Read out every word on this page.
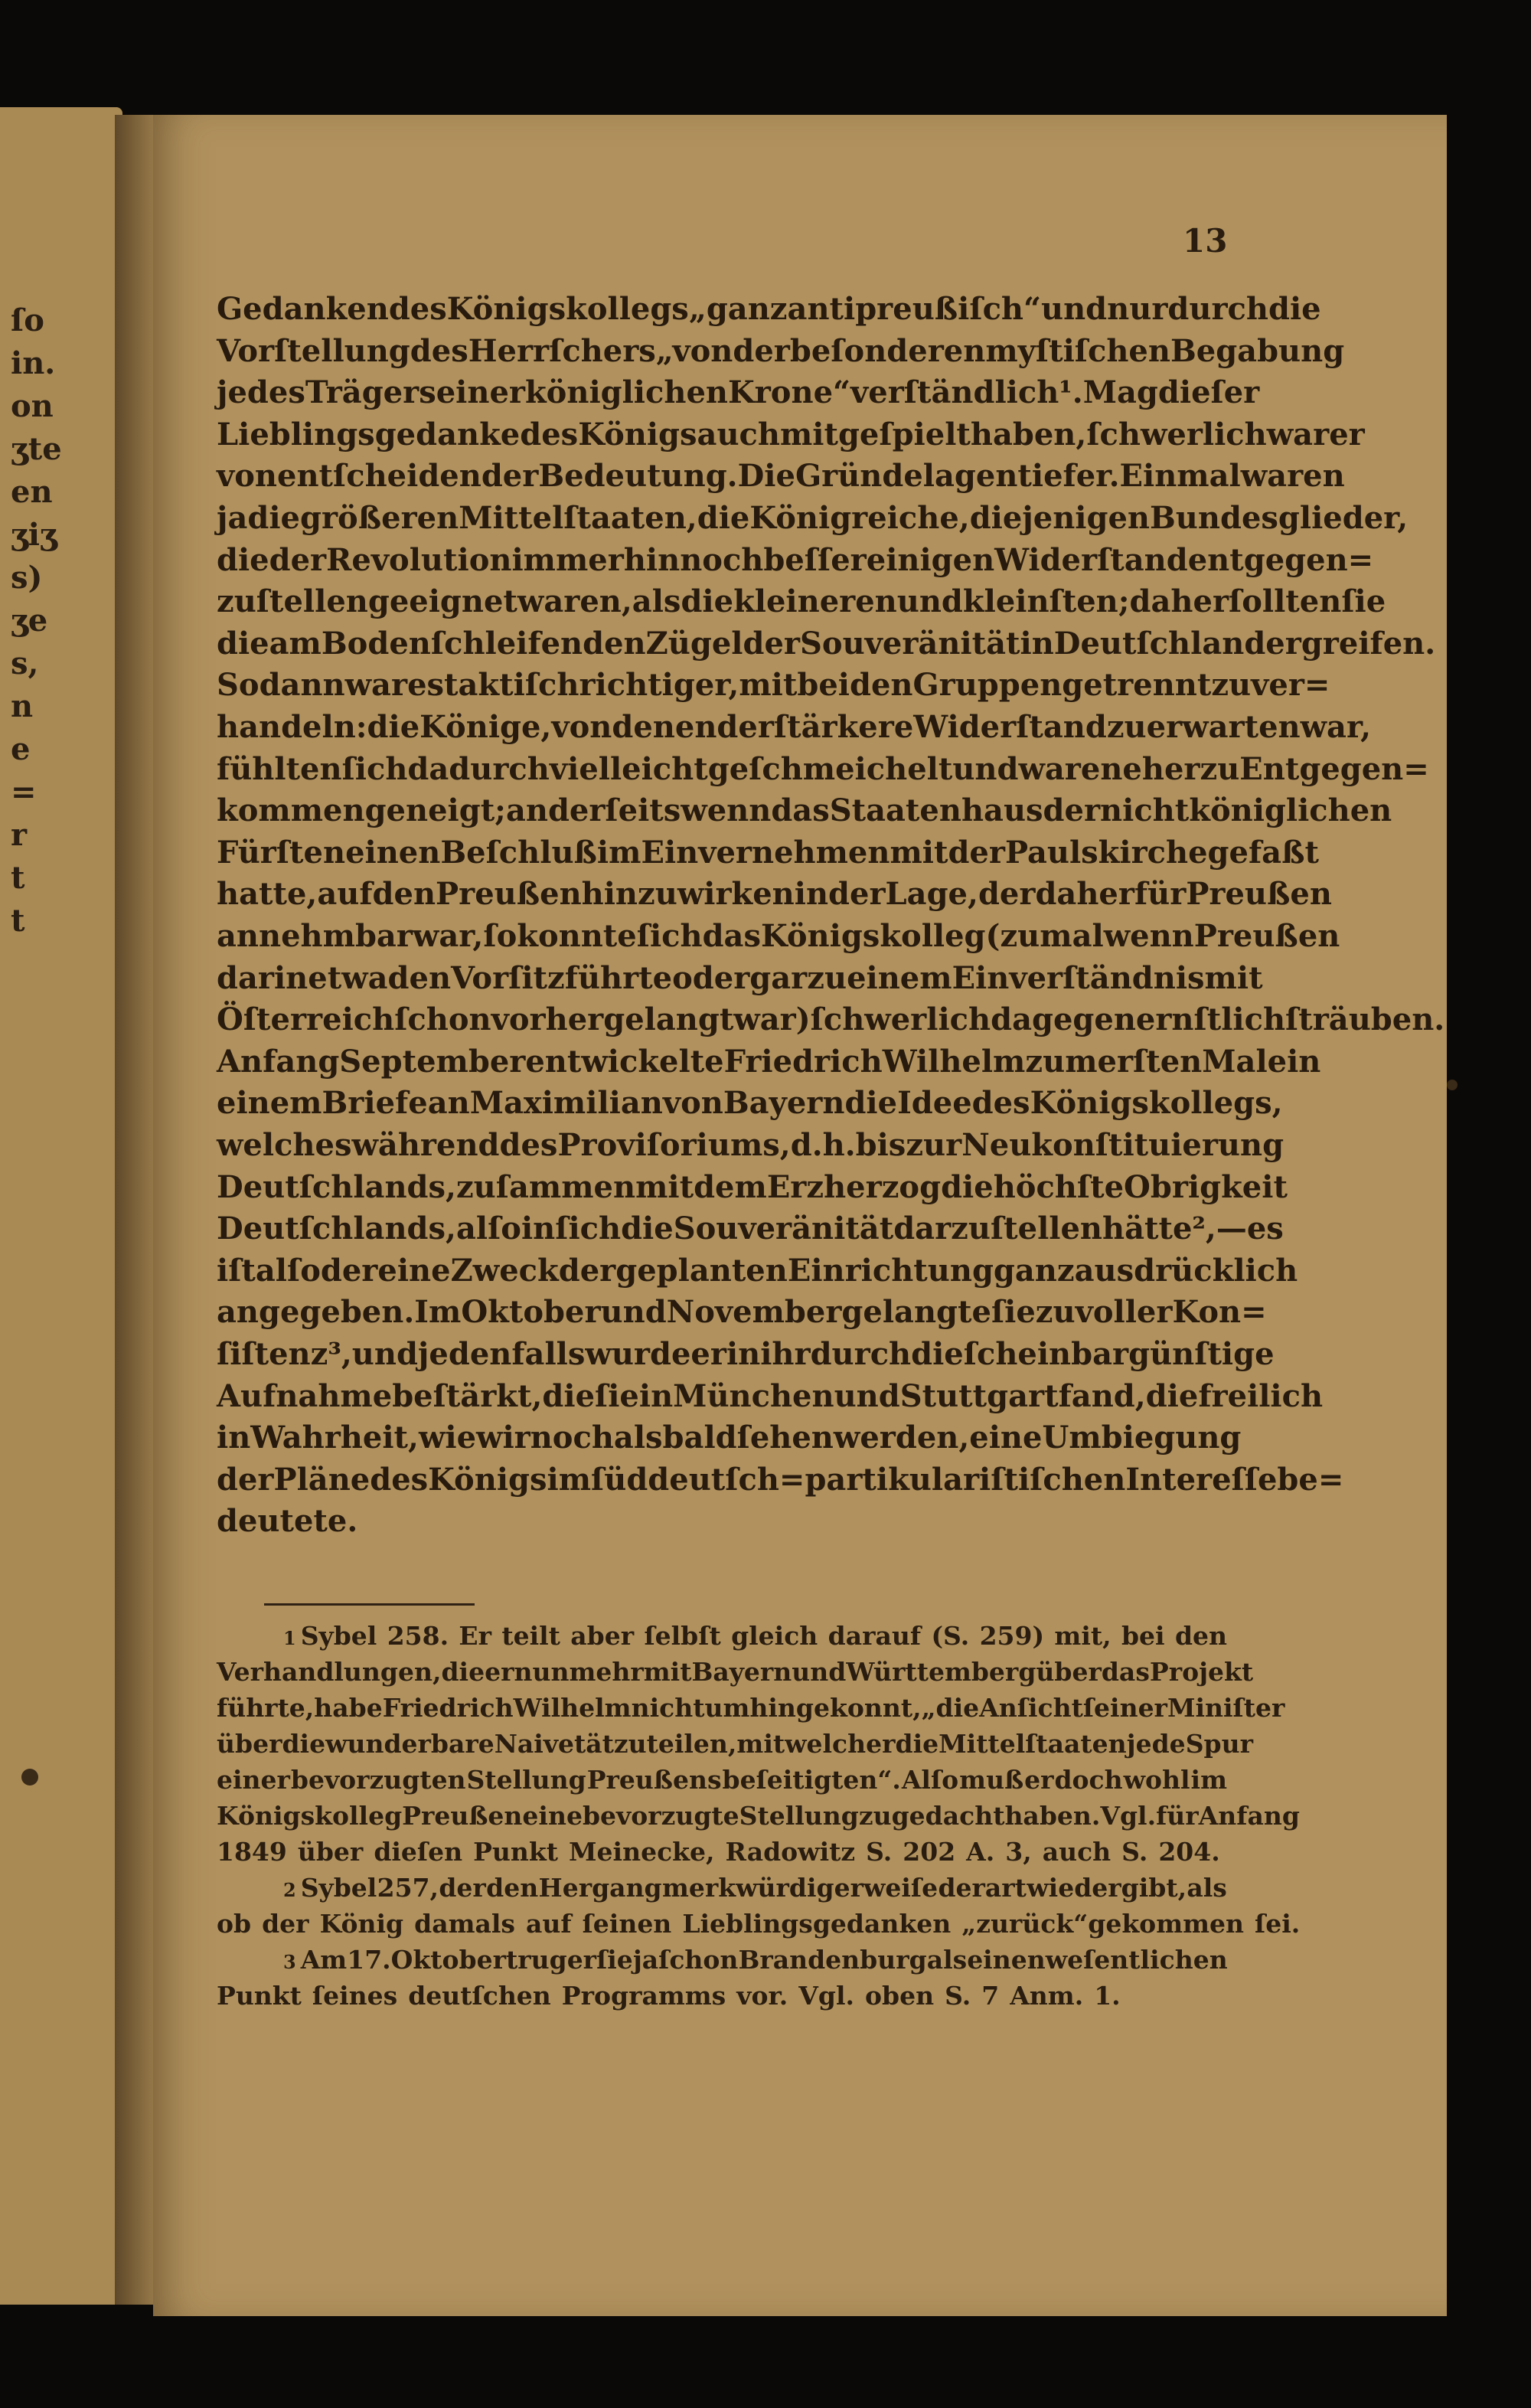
13
Gedanken des Königskollegs „ganz antipreußiſch“ und nur durch die
Vorſtellung des Herrſchers „von der beſonderen myſtiſchen Begabung
jedes Trägers einer königlichen Krone“ verſtändlich¹. Mag dieſer
Lieblingsgedanke des Königs auch mitgeſpielt haben, ſchwerlich war er
von entſcheidender Bedeutung. Die Gründe lagen tiefer. Einmal waren
ja die größeren Mittelſtaaten, die Königreiche, diejenigen Bundesglieder,
die der Revolution immerhin noch beſſer einigen Widerſtand entgegen=
zuſtellen geeignet waren, als die kleineren und kleinſten; daher ſollten ſie
die am Boden ſchleifenden Zügel der Souveränität in Deutſchland ergreifen.
Sodann war es taktiſch richtiger, mit beiden Gruppen getrennt zu ver=
handeln: die Könige, von denen der ſtärkere Widerſtand zu erwarten war,
fühlten ſich dadurch vielleicht geſchmeichelt und waren eher zu Entgegen=
kommen geneigt; anderſeits wenn das Staatenhaus der nichtköniglichen
Fürſten einen Beſchluß im Einvernehmen mit der Paulskirche gefaßt
hatte, auf den Preußen hinzuwirken in der Lage, der daher für Preußen
annehmbar war, ſo konnte ſich das Königskolleg (zumal wenn Preußen
darin etwa den Vorſitz führte oder gar zu einem Einverſtändnis mit
Öſterreich ſchon vorher gelangt war) ſchwerlich dagegen ernſtlich ſträuben.
Anfang September entwickelte Friedrich Wilhelm zum erſten Male in
einem Briefe an Maximilian von Bayern die Idee des Königskollegs,
welches während des Proviſoriums, d. h. bis zur Neukonſtituierung
Deutſchlands, zuſammen mit dem Erzherzog die höchſte Obrigkeit
Deutſchlands, alſo in ſich die Souveränität darzuſtellen hätte², — es
iſt alſo der eine Zweck der geplanten Einrichtung ganz ausdrücklich
angegeben. Im Oktober und November gelangte ſie zu voller Kon=
ſiſtenz³, und jedenfalls wurde er in ihr durch die ſcheinbar günſtige
Aufnahme beſtärkt, die ſie in München und Stuttgart fand, die freilich
in Wahrheit, wie wir noch alsbald ſehen werden, eine Umbiegung
der Pläne des Königs im ſüddeutſch=partikulariſtiſchen Intereſſe be=
deutete.
1 Sybel 258. Er teilt aber ſelbſt gleich darauf (S. 259) mit, bei den
Verhandlungen, die er nunmehr mit Bayern und Württemberg über das Projekt
führte, habe Friedrich Wilhelm nicht umhingekonnt, „die Anſicht ſeiner Miniſter
über die wunderbare Naivetät zu teilen, mit welcher die Mittelſtaaten jede Spur
einer bevorzugten Stellung Preußens beſeitigten“. Alſo muß er doch wohl im
Königskolleg Preußen eine bevorzugte Stellung zugedacht haben. Vgl. für Anfang
1849 über dieſen Punkt Meinecke, Radowitz S. 202 A. 3, auch S. 204.
2 Sybel 257, der den Hergang merkwürdigerweiſe derart wiedergibt, als
ob der König damals auf ſeinen Lieblingsgedanken „zurück“gekommen ſei.
3 Am 17. Oktober trug er ſie ja ſchon Brandenburg als einen weſentlichen
Punkt ſeines deutſchen Programms vor. Vgl. oben S. 7 Anm. 1.
ſo
in.
on
ʒte
en
ʒiʒ
s)
ʒe
s,
n
e
=
r
t
t
